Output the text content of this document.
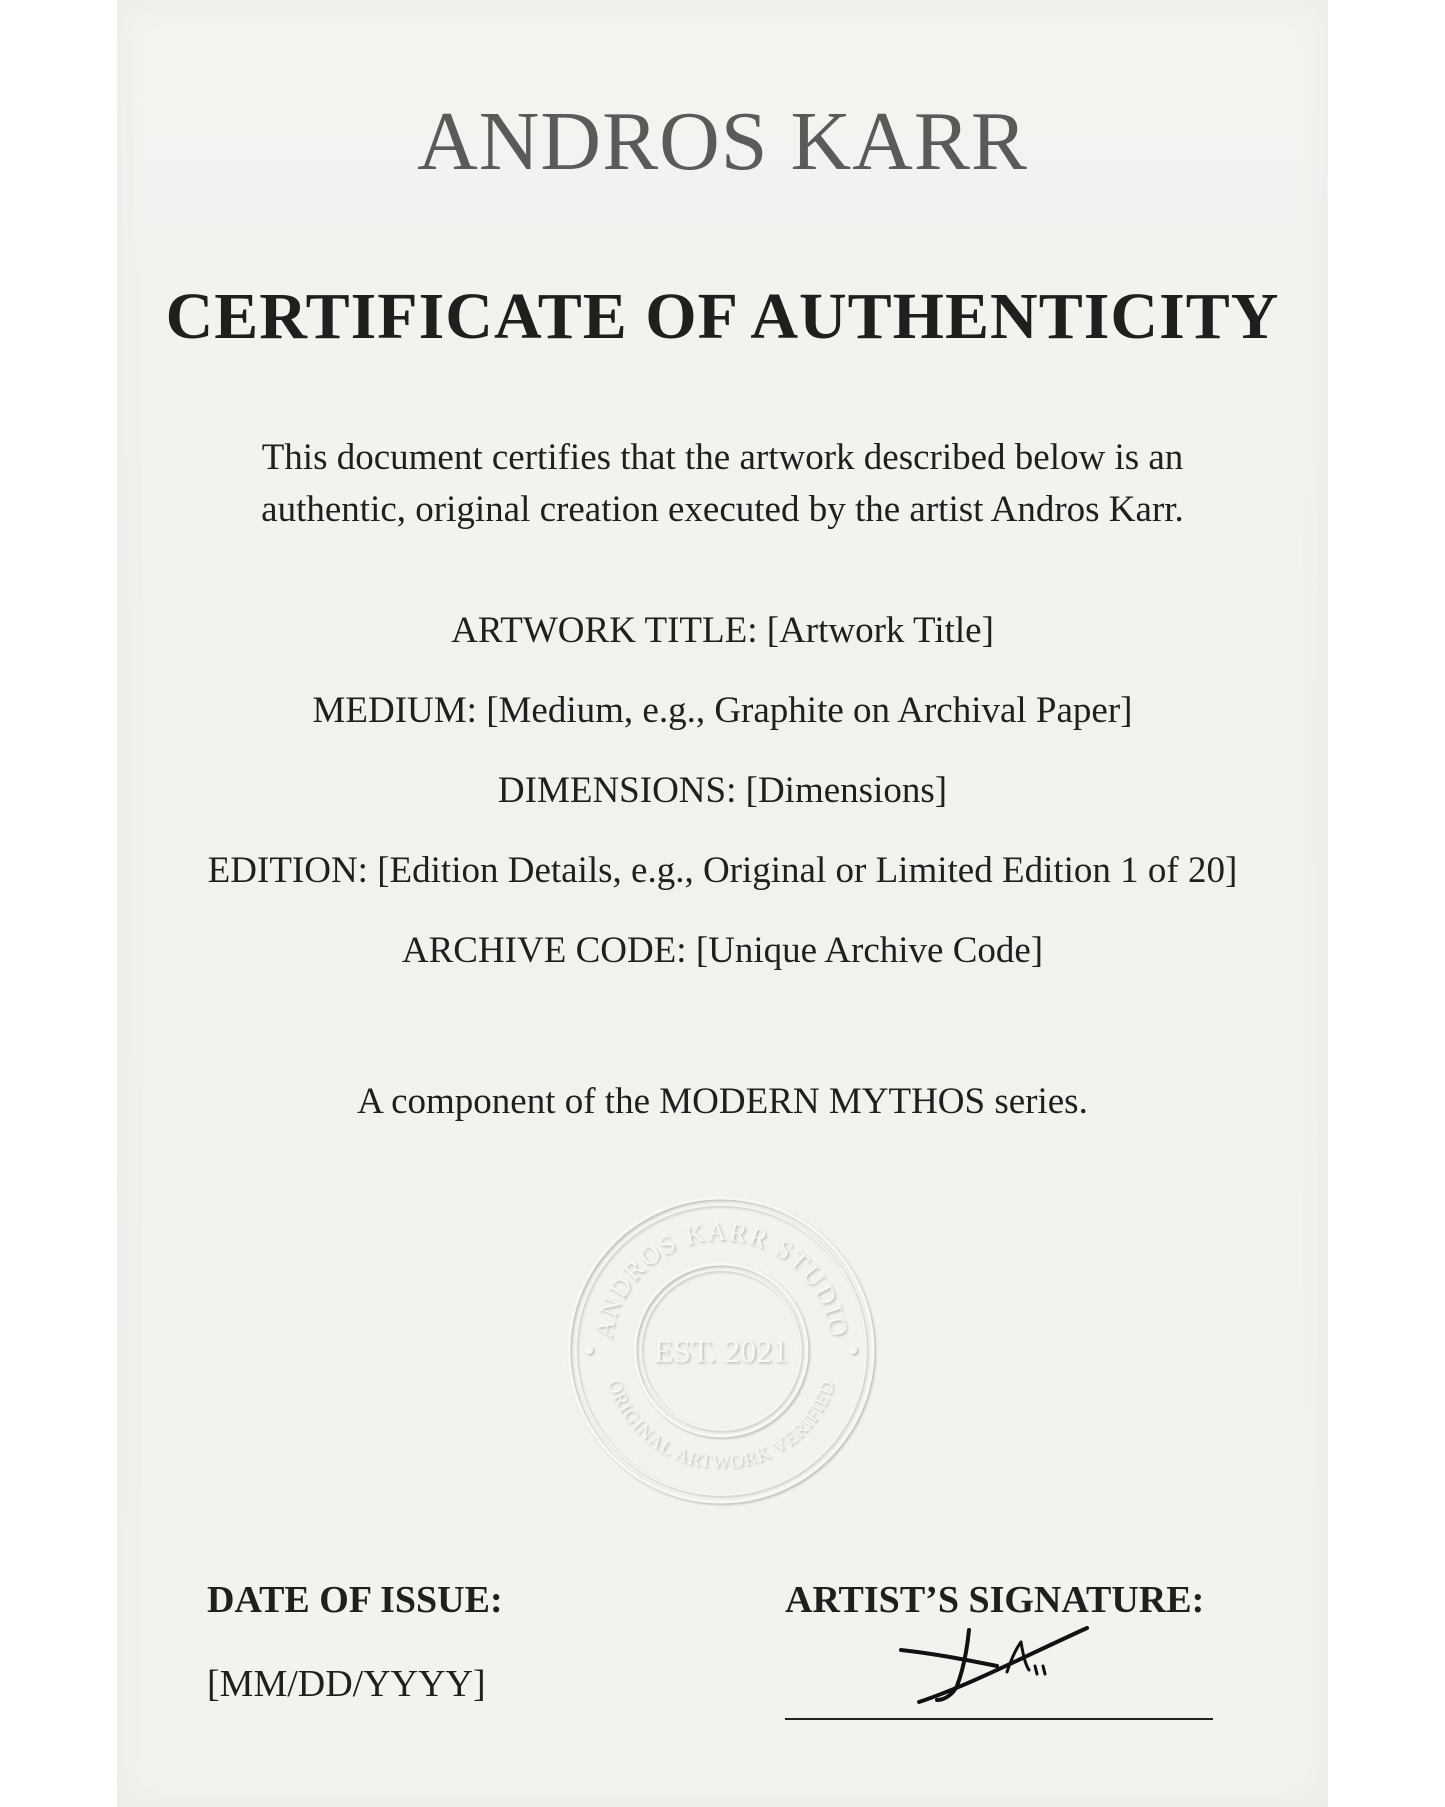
ANDROS KARR
CERTIFICATE OF AUTHENTICITY

This document certifies that the artwork described below is an
authentic, original creation executed by the artist Andros Karr.

ARTWORK TITLE: [Artwork Title]
MEDIUM: [Medium, e.g., Graphite on Archival Paper]
DIMENSIONS: [Dimensions]
EDITION: [Edition Details, e.g., Original or Limited Edition 1 of 20]
ARCHIVE CODE: [Unique Archive Code]

A component of the MODERN MYTHOS series.

ANDROS KARR STUDIO
ORIGINAL ARTWORK VERIFIED
EST. 2021

DATE OF ISSUE:

[MM/DD/YYYY]

ARTIST’S SIGNATURE:
